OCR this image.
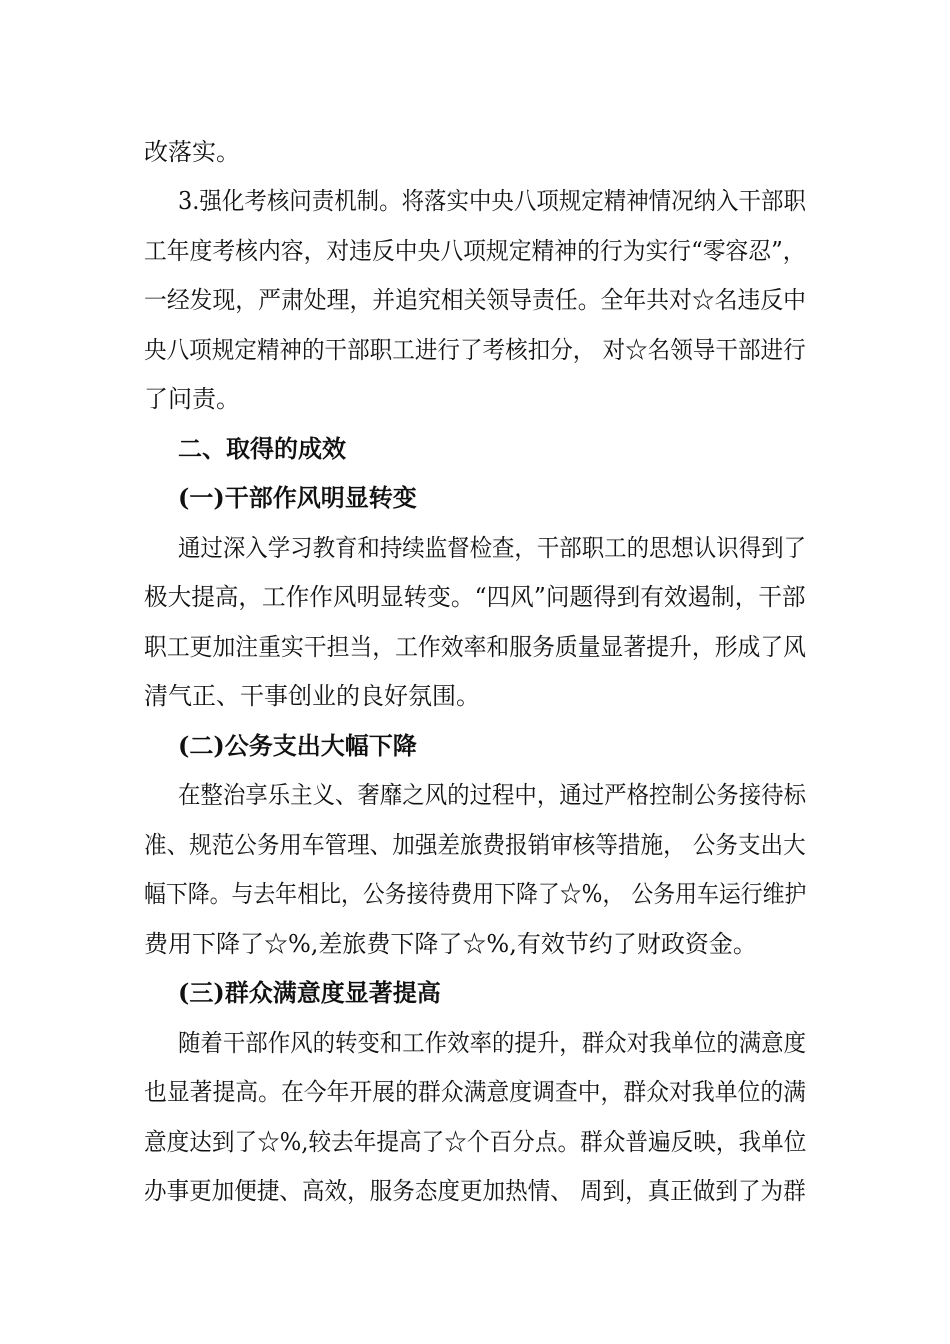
改落实。
3.强化考核问责机制。将落实中央八项规定精神情况纳入干部职
工年度考核内容，对违反中央八项规定精神的行为实行“零容忍”，
一经发现，严肃处理，并追究相关领导责任。全年共对☆名违反中
央八项规定精神的干部职工进行了考核扣分， 对☆名领导干部进行
了问责。
二、取得的成效
(一)干部作风明显转变
通过深入学习教育和持续监督检查，干部职工的思想认识得到了
极大提高，工作作风明显转变。“四风”问题得到有效遏制，干部
职工更加注重实干担当，工作效率和服务质量显著提升，形成了风
清气正、干事创业的良好氛围。
(二)公务支出大幅下降
在整治享乐主义、奢靡之风的过程中，通过严格控制公务接待标
准、规范公务用车管理、加强差旅费报销审核等措施， 公务支出大
幅下降。与去年相比，公务接待费用下降了☆%， 公务用车运行维护
费用下降了☆%,差旅费下降了☆%,有效节约了财政资金。
(三)群众满意度显著提高
随着干部作风的转变和工作效率的提升，群众对我单位的满意度
也显著提高。在今年开展的群众满意度调查中，群众对我单位的满
意度达到了☆%,较去年提高了☆个百分点。群众普遍反映，我单位
办事更加便捷、高效，服务态度更加热情、 周到，真正做到了为群
